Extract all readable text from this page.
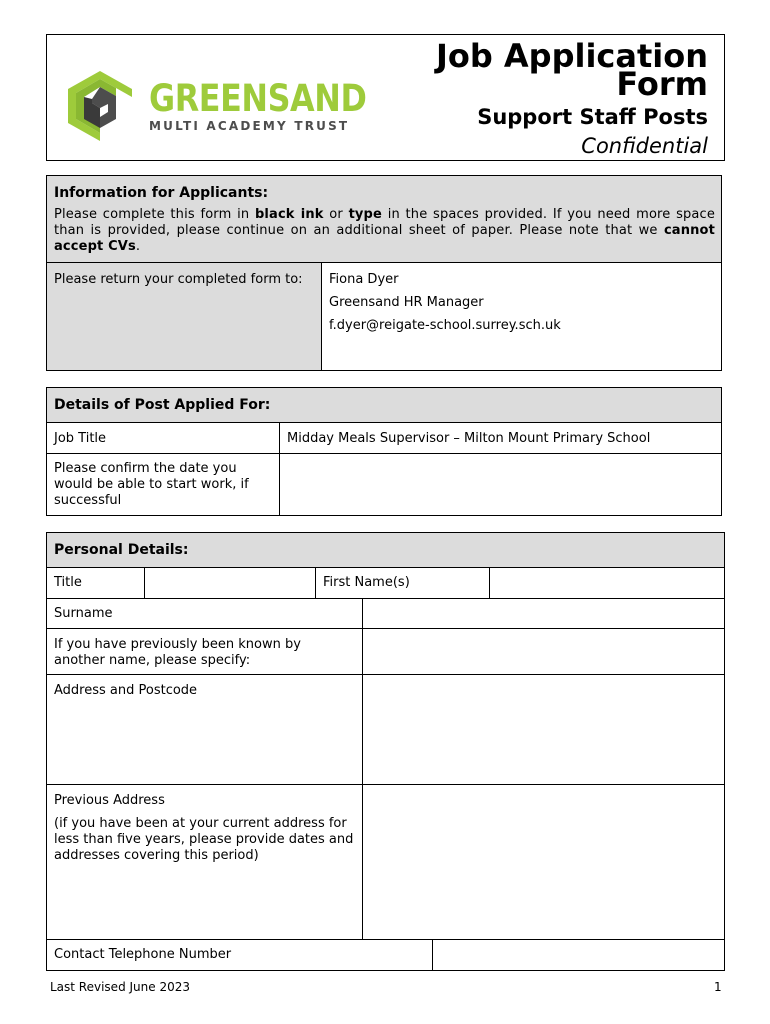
GREENSAND
MULTI ACADEMY TRUST
Job Application
Form
Support Staff Posts
Confidential
Information for Applicants:
Please complete this form in black ink or type in the spaces provided. If you need more space than is provided, please continue on an additional sheet of paper. Please note that we cannot accept CVs.
Please return your completed form to:	Fiona Dyer
Greensand HR Manager
f.dyer@reigate-school.surrey.sch.uk
Details of Post Applied For:
Job Title	Midday Meals Supervisor – Milton Mount Primary School
Please confirm the date you would be able to start work, if successful
Personal Details:
Title	First Name(s)
Surname
If you have previously been known by another name, please specify:
Address and Postcode
Previous Address
(if you have been at your current address for less than five years, please provide dates and addresses covering this period)
Contact Telephone Number
Last Revised June 2023	1
